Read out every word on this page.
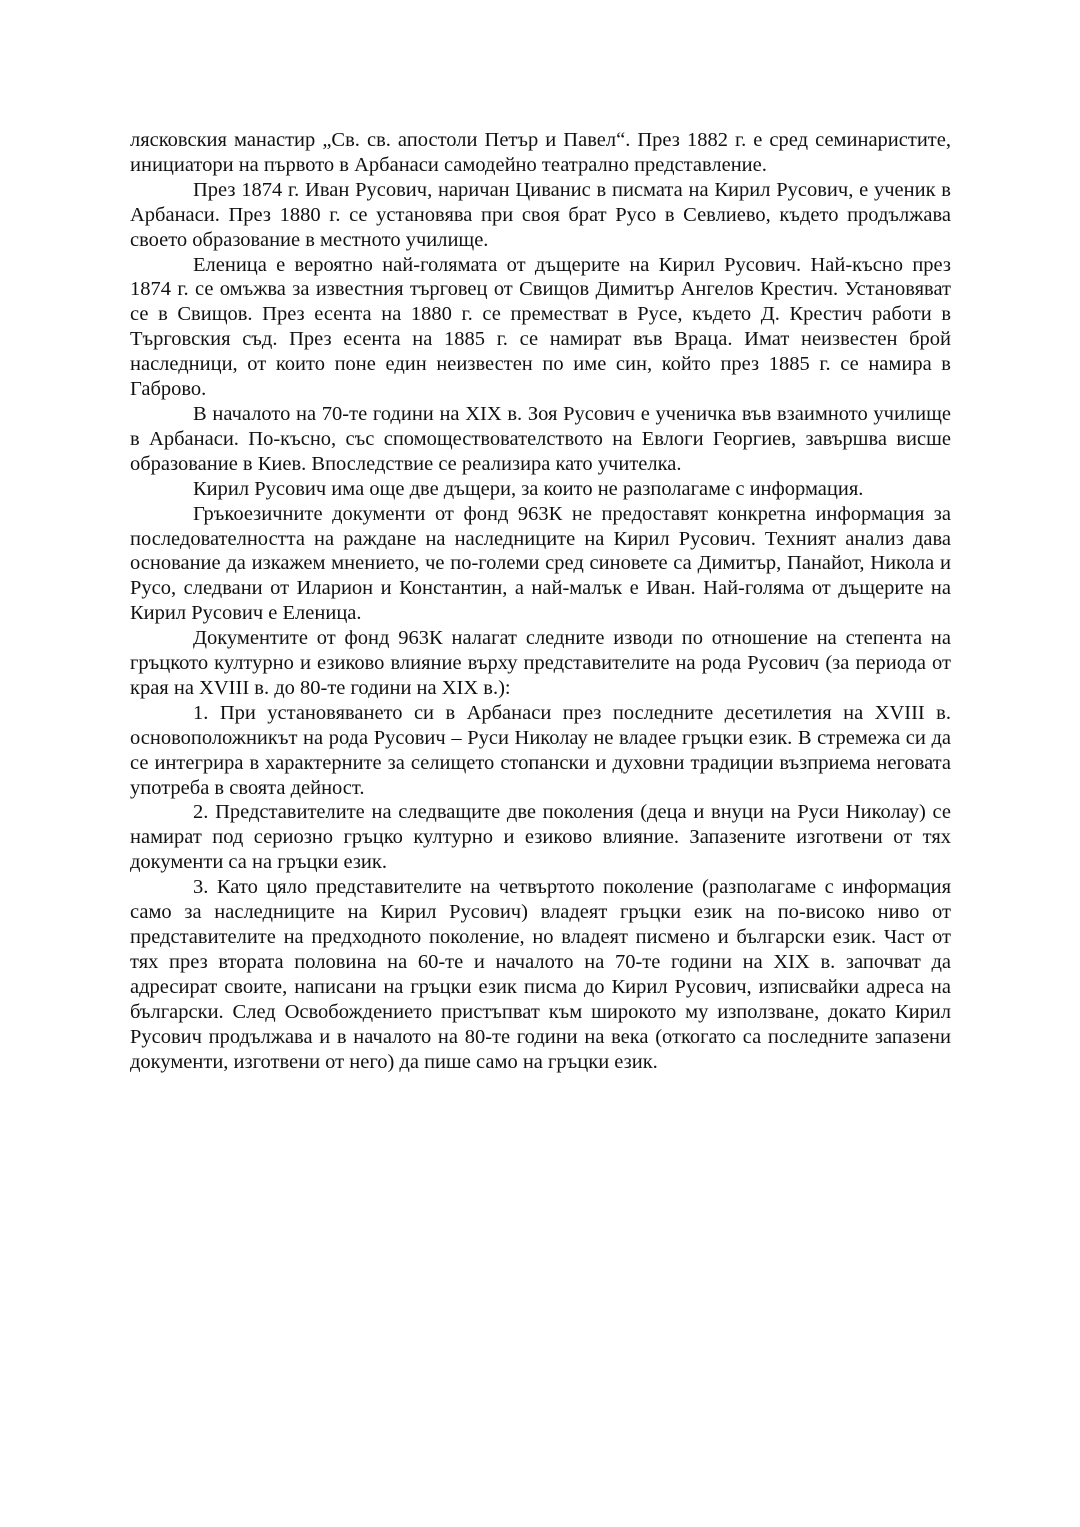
лясковския манастир „Св. св. апостоли Петър и Павел“. През 1882 г. е сред семинаристите, инициатори на първото в Арбанаси самодейно театрално представление.

През 1874 г. Иван Русович, наричан Циванис в писмата на Кирил Русович, е ученик в Арбанаси. През 1880 г. се установява при своя брат Русо в Севлиево, където продължава своето образование в местното училище.

Еленица е вероятно най-голямата от дъщерите на Кирил Русович. Най-късно през 1874 г. се омъжва за известния търговец от Свищов Димитър Ангелов Крестич. Установяват се в Свищов. През есента на 1880 г. се преместват в Русе, където Д. Крестич работи в Търговския съд. През есента на 1885 г. се намират във Враца. Имат неизвестен брой наследници, от които поне един неизвестен по име син, който през 1885 г. се намира в Габрово.

В началото на 70-те години на XIX в. Зоя Русович е ученичка във взаимното училище в Арбанаси. По-късно, със спомоществователството на Евлоги Георгиев, завършва висше образование в Киев. Впоследствие се реализира като учителка.

Кирил Русович има още две дъщери, за които не разполагаме с информация.

Гръкоезичните документи от фонд 963К не предоставят конкретна информация за последователността на раждане на наследниците на Кирил Русович. Техният анализ дава основание да изкажем мнението, че по-големи сред синовете са Димитър, Панайот, Никола и Русо, следвани от Иларион и Константин, а най-малък е Иван. Най-голяма от дъщерите на Кирил Русович е Еленица.

Документите от фонд 963К налагат следните изводи по отношение на степента на гръцкото културно и езиково влияние върху представителите на рода Русович (за периода от края на XVIII в. до 80-те години на XIX в.):

1. При установяването си в Арбанаси през последните десетилетия на XVIII в. основоположникът на рода Русович – Руси Николау не владее гръцки език. В стремежа си да се интегрира в характерните за селището стопански и духовни традиции възприема неговата употреба в своята дейност.

2. Представителите на следващите две поколения (деца и внуци на Руси Николау) се намират под сериозно гръцко културно и езиково влияние. Запазените изготвени от тях документи са на гръцки език.

3. Като цяло представителите на четвъртото поколение (разполагаме с информация само за наследниците на Кирил Русович) владеят гръцки език на по-високо ниво от представителите на предходното поколение, но владеят писмено и български език. Част от тях през втората половина на 60-те и началото на 70-те години на XIX в. започват да адресират своите, написани на гръцки език писма до Кирил Русович, изписвайки адреса на български. След Освобождението пристъпват към широкото му използване, докато Кирил Русович продължава и в началото на 80-те години на века (откогато са последните запазени документи, изготвени от него) да пише само на гръцки език.
